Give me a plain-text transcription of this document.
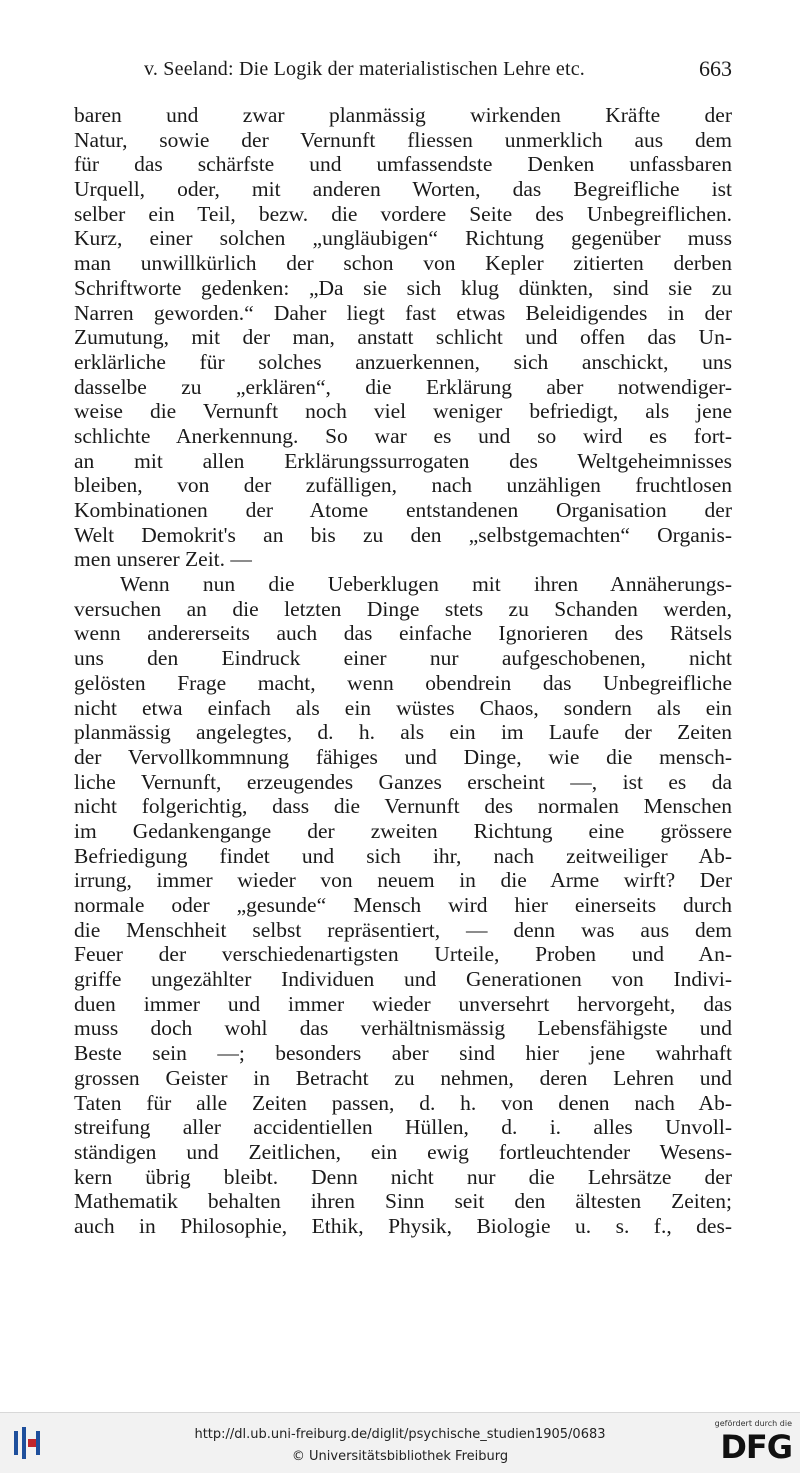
v. Seeland: Die Logik der materialistischen Lehre etc.	663
baren und zwar planmässig wirkenden Kräfte der
Natur, sowie der Vernunft fliessen unmerklich aus dem
für das schärfste und umfassendste Denken unfassbaren
Urquell, oder, mit anderen Worten, das Begreifliche ist
selber ein Teil, bezw. die vordere Seite des Unbegreiflichen.
Kurz, einer solchen „ungläubigen“ Richtung gegenüber muss
man unwillkürlich der schon von Kepler zitierten derben
Schriftworte gedenken: „Da sie sich klug dünkten, sind sie zu
Narren geworden.“ Daher liegt fast etwas Beleidigendes in der
Zumutung, mit der man, anstatt schlicht und offen das Un-
erklärliche für solches anzuerkennen, sich anschickt, uns
dasselbe zu „erklären“, die Erklärung aber notwendiger-
weise die Vernunft noch viel weniger befriedigt, als jene
schlichte Anerkennung. So war es und so wird es fort-
an mit allen Erklärungssurrogaten des Weltgeheimnisses
bleiben, von der zufälligen, nach unzähligen fruchtlosen
Kombinationen der Atome entstandenen Organisation der
Welt Demokrit's an bis zu den „selbstgemachten“ Organis-
men unserer Zeit. —
Wenn nun die Ueberklugen mit ihren Annäherungs-
versuchen an die letzten Dinge stets zu Schanden werden,
wenn andererseits auch das einfache Ignorieren des Rätsels
uns den Eindruck einer nur aufgeschobenen, nicht
gelösten Frage macht, wenn obendrein das Unbegreifliche
nicht etwa einfach als ein wüstes Chaos, sondern als ein
planmässig angelegtes, d. h. als ein im Laufe der Zeiten
der Vervollkommnung fähiges und Dinge, wie die mensch-
liche Vernunft, erzeugendes Ganzes erscheint —, ist es da
nicht folgerichtig, dass die Vernunft des normalen Menschen
im Gedankengange der zweiten Richtung eine grössere
Befriedigung findet und sich ihr, nach zeitweiliger Ab-
irrung, immer wieder von neuem in die Arme wirft? Der
normale oder „gesunde“ Mensch wird hier einerseits durch
die Menschheit selbst repräsentiert, — denn was aus dem
Feuer der verschiedenartigsten Urteile, Proben und An-
griffe ungezählter Individuen und Generationen von Indivi-
duen immer und immer wieder unversehrt hervorgeht, das
muss doch wohl das verhältnismässig Lebensfähigste und
Beste sein —; besonders aber sind hier jene wahrhaft
grossen Geister in Betracht zu nehmen, deren Lehren und
Taten für alle Zeiten passen, d. h. von denen nach Ab-
streifung aller accidentiellen Hüllen, d. i. alles Unvoll-
ständigen und Zeitlichen, ein ewig fortleuchtender Wesens-
kern übrig bleibt. Denn nicht nur die Lehrsätze der
Mathematik behalten ihren Sinn seit den ältesten Zeiten;
auch in Philosophie, Ethik, Physik, Biologie u. s. f., des-
http://dl.ub.uni-freiburg.de/diglit/psychische_studien1905/0683
© Universitätsbibliothek Freiburg
gefördert durch die
DFG
